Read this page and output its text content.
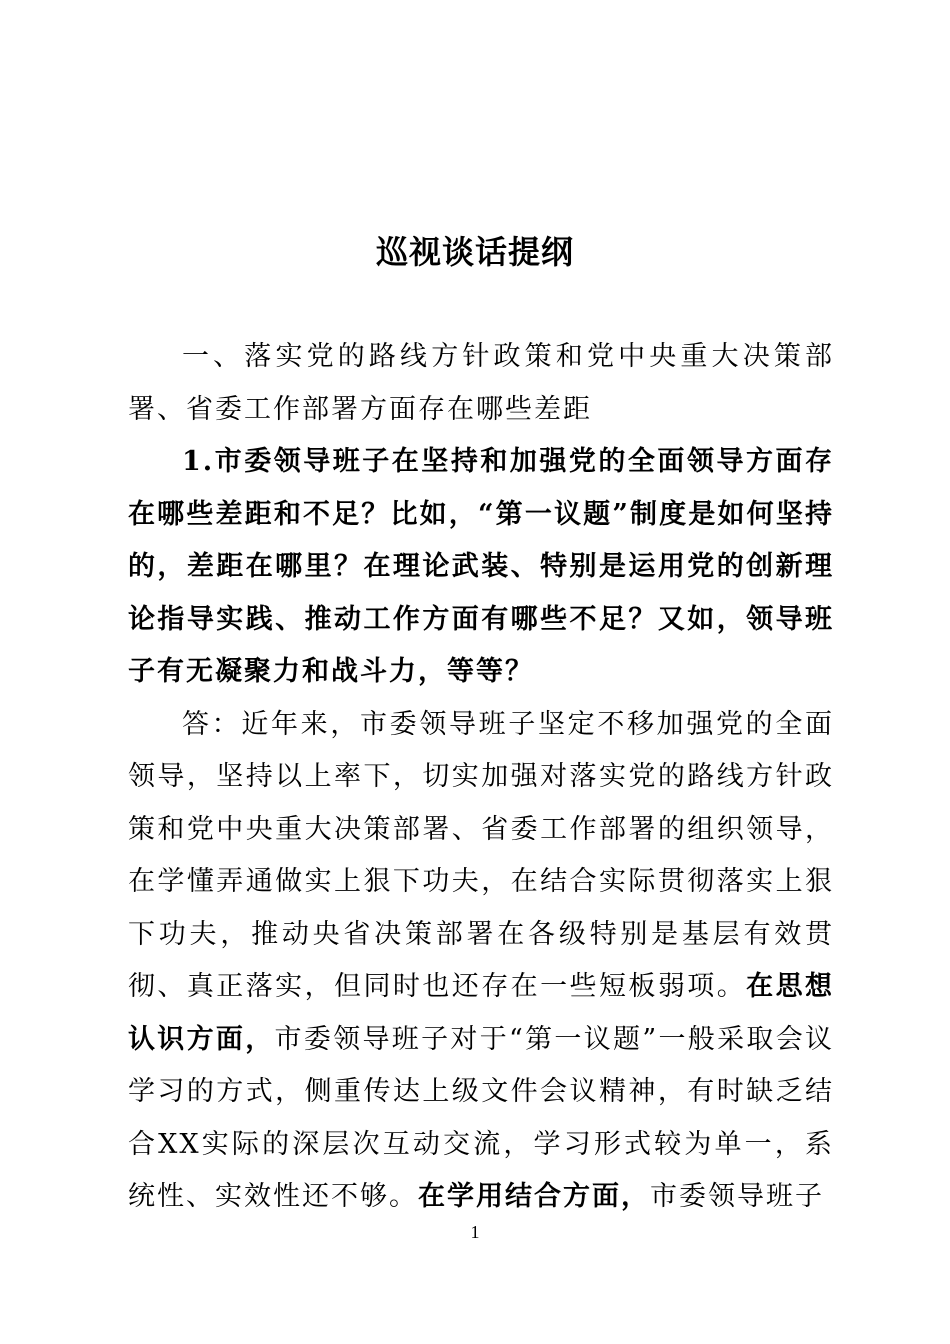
巡视谈话提纲

一、落实党的路线方针政策和党中央重大决策部署、省委工作部署方面存在哪些差距

1.市委领导班子在坚持和加强党的全面领导方面存在哪些差距和不足？比如，“第一议题”制度是如何坚持的，差距在哪里？在理论武装、特别是运用党的创新理论指导实践、推动工作方面有哪些不足？又如，领导班子有无凝聚力和战斗力，等等？

答：近年来，市委领导班子坚定不移加强党的全面领导，坚持以上率下，切实加强对落实党的路线方针政策和党中央重大决策部署、省委工作部署的组织领导，在学懂弄通做实上狠下功夫，在结合实际贯彻落实上狠下功夫，推动央省决策部署在各级特别是基层有效贯彻、真正落实，但同时也还存在一些短板弱项。在思想认识方面，市委领导班子对于“第一议题”一般采取会议学习的方式，侧重传达上级文件会议精神，有时缺乏结合XX实际的深层次互动交流，学习形式较为单一，系统性、实效性还不够。在学用结合方面，市委领导班子

1
